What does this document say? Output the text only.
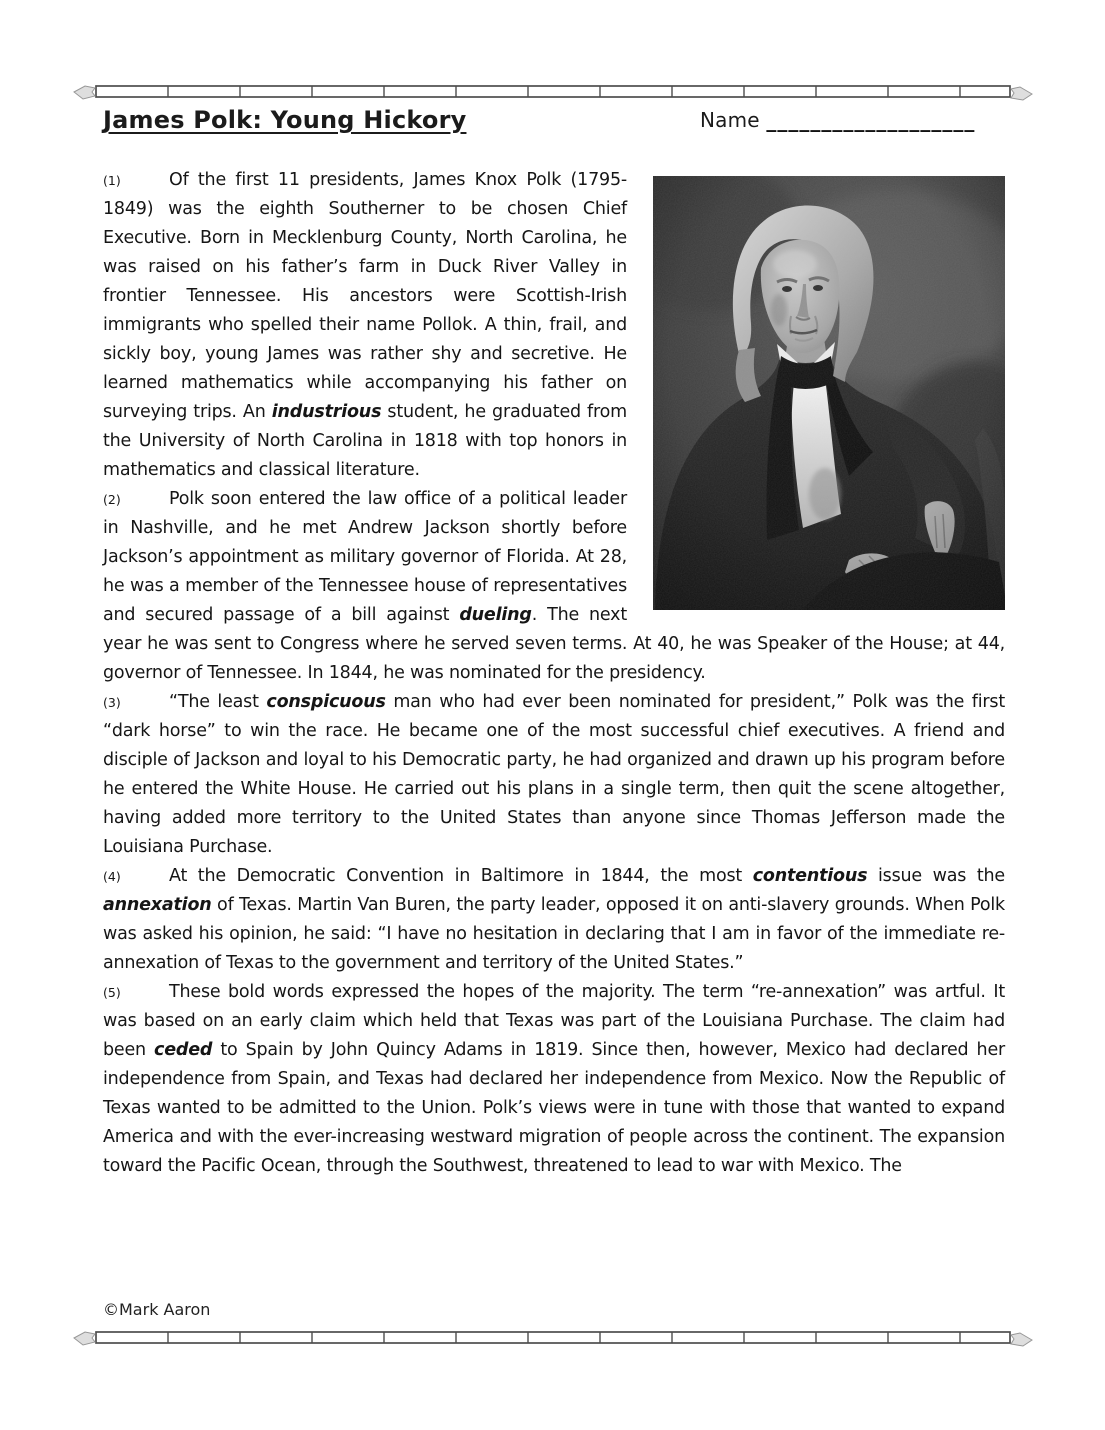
James Polk: Young Hickory	Name ___________________

(1)	Of the first 11 presidents, James Knox Polk (1795-1849) was the eighth Southerner to be chosen Chief Executive. Born in Mecklenburg County, North Carolina, he was raised on his father’s farm in Duck River Valley in frontier Tennessee. His ancestors were Scottish-Irish immigrants who spelled their name Pollok. A thin, frail, and sickly boy, young James was rather shy and secretive. He learned mathematics while accompanying his father on surveying trips. An industrious student, he graduated from the University of North Carolina in 1818 with top honors in mathematics and classical literature.

(2)	Polk soon entered the law office of a political leader in Nashville, and he met Andrew Jackson shortly before Jackson’s appointment as military governor of Florida. At 28, he was a member of the Tennessee house of representatives and secured passage of a bill against dueling. The next year he was sent to Congress where he served seven terms. At 40, he was Speaker of the House; at 44, governor of Tennessee. In 1844, he was nominated for the presidency.

(3)	“The least conspicuous man who had ever been nominated for president,” Polk was the first “dark horse” to win the race. He became one of the most successful chief executives. A friend and disciple of Jackson and loyal to his Democratic party, he had organized and drawn up his program before he entered the White House. He carried out his plans in a single term, then quit the scene altogether, having added more territory to the United States than anyone since Thomas Jefferson made the Louisiana Purchase.

(4)	At the Democratic Convention in Baltimore in 1844, the most contentious issue was the annexation of Texas. Martin Van Buren, the party leader, opposed it on anti-slavery grounds. When Polk was asked his opinion, he said: “I have no hesitation in declaring that I am in favor of the immediate re-annexation of Texas to the government and territory of the United States.”

(5)	These bold words expressed the hopes of the majority. The term “re-annexation” was artful. It was based on an early claim which held that Texas was part of the Louisiana Purchase. The claim had been ceded to Spain by John Quincy Adams in 1819. Since then, however, Mexico had declared her independence from Spain, and Texas had declared her independence from Mexico. Now the Republic of Texas wanted to be admitted to the Union. Polk’s views were in tune with those that wanted to expand America and with the ever-increasing westward migration of people across the continent. The expansion toward the Pacific Ocean, through the Southwest, threatened to lead to war with Mexico. The

©Mark Aaron
